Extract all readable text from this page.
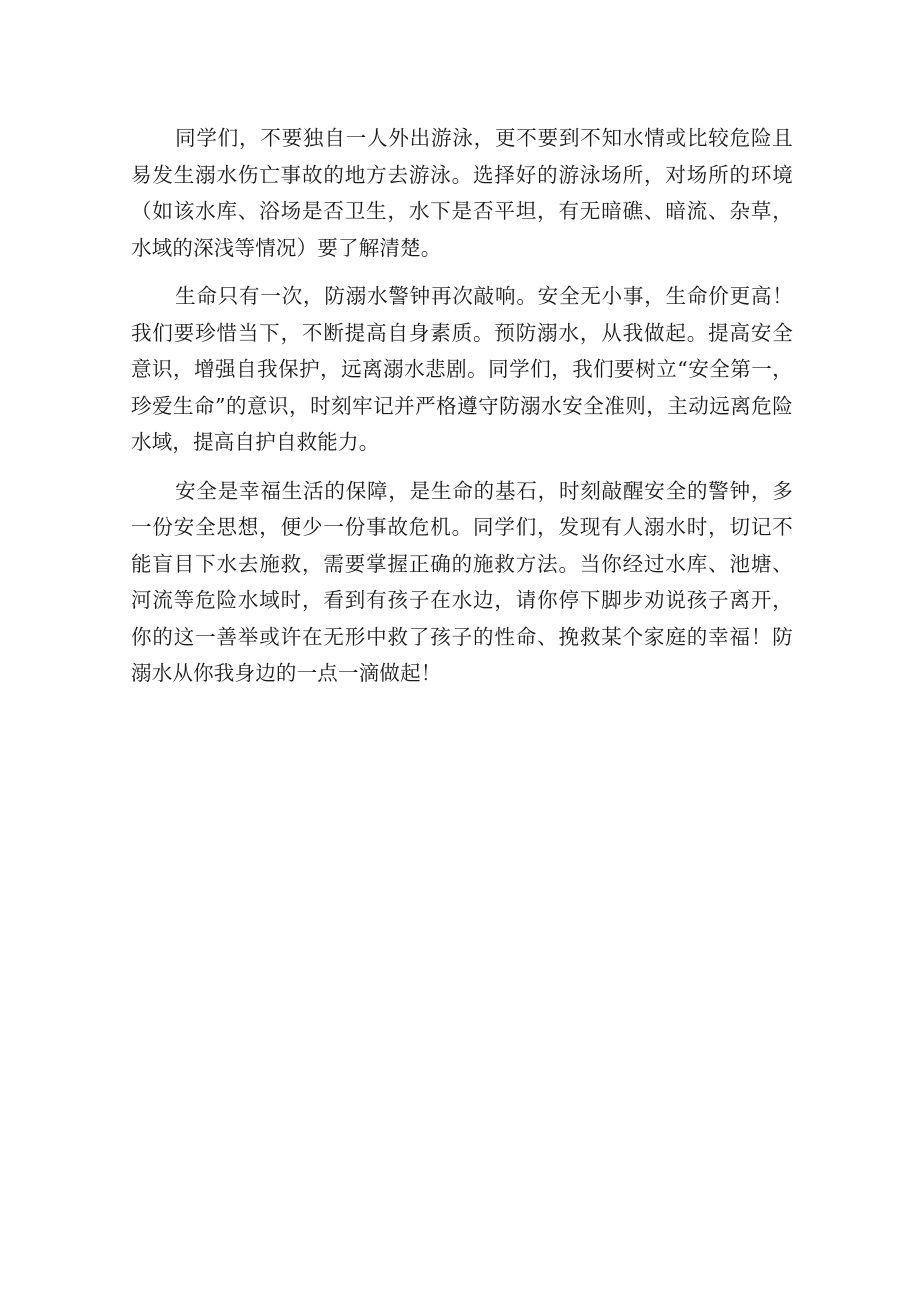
同学们，不要独自一人外出游泳，更不要到不知水情或比较危险且易发生溺水伤亡事故的地方去游泳。选择好的游泳场所，对场所的环境（如该水库、浴场是否卫生，水下是否平坦，有无暗礁、暗流、杂草，水域的深浅等情况）要了解清楚。

生命只有一次，防溺水警钟再次敲响。安全无小事，生命价更高！我们要珍惜当下，不断提高自身素质。预防溺水，从我做起。提高安全意识，增强自我保护，远离溺水悲剧。同学们，我们要树立“安全第一，珍爱生命”的意识，时刻牢记并严格遵守防溺水安全准则，主动远离危险水域，提高自护自救能力。

安全是幸福生活的保障，是生命的基石，时刻敲醒安全的警钟，多一份安全思想，便少一份事故危机。同学们，发现有人溺水时，切记不能盲目下水去施救，需要掌握正确的施救方法。当你经过水库、池塘、河流等危险水域时，看到有孩子在水边，请你停下脚步劝说孩子离开，你的这一善举或许在无形中救了孩子的性命、挽救某个家庭的幸福！防溺水从你我身边的一点一滴做起！
